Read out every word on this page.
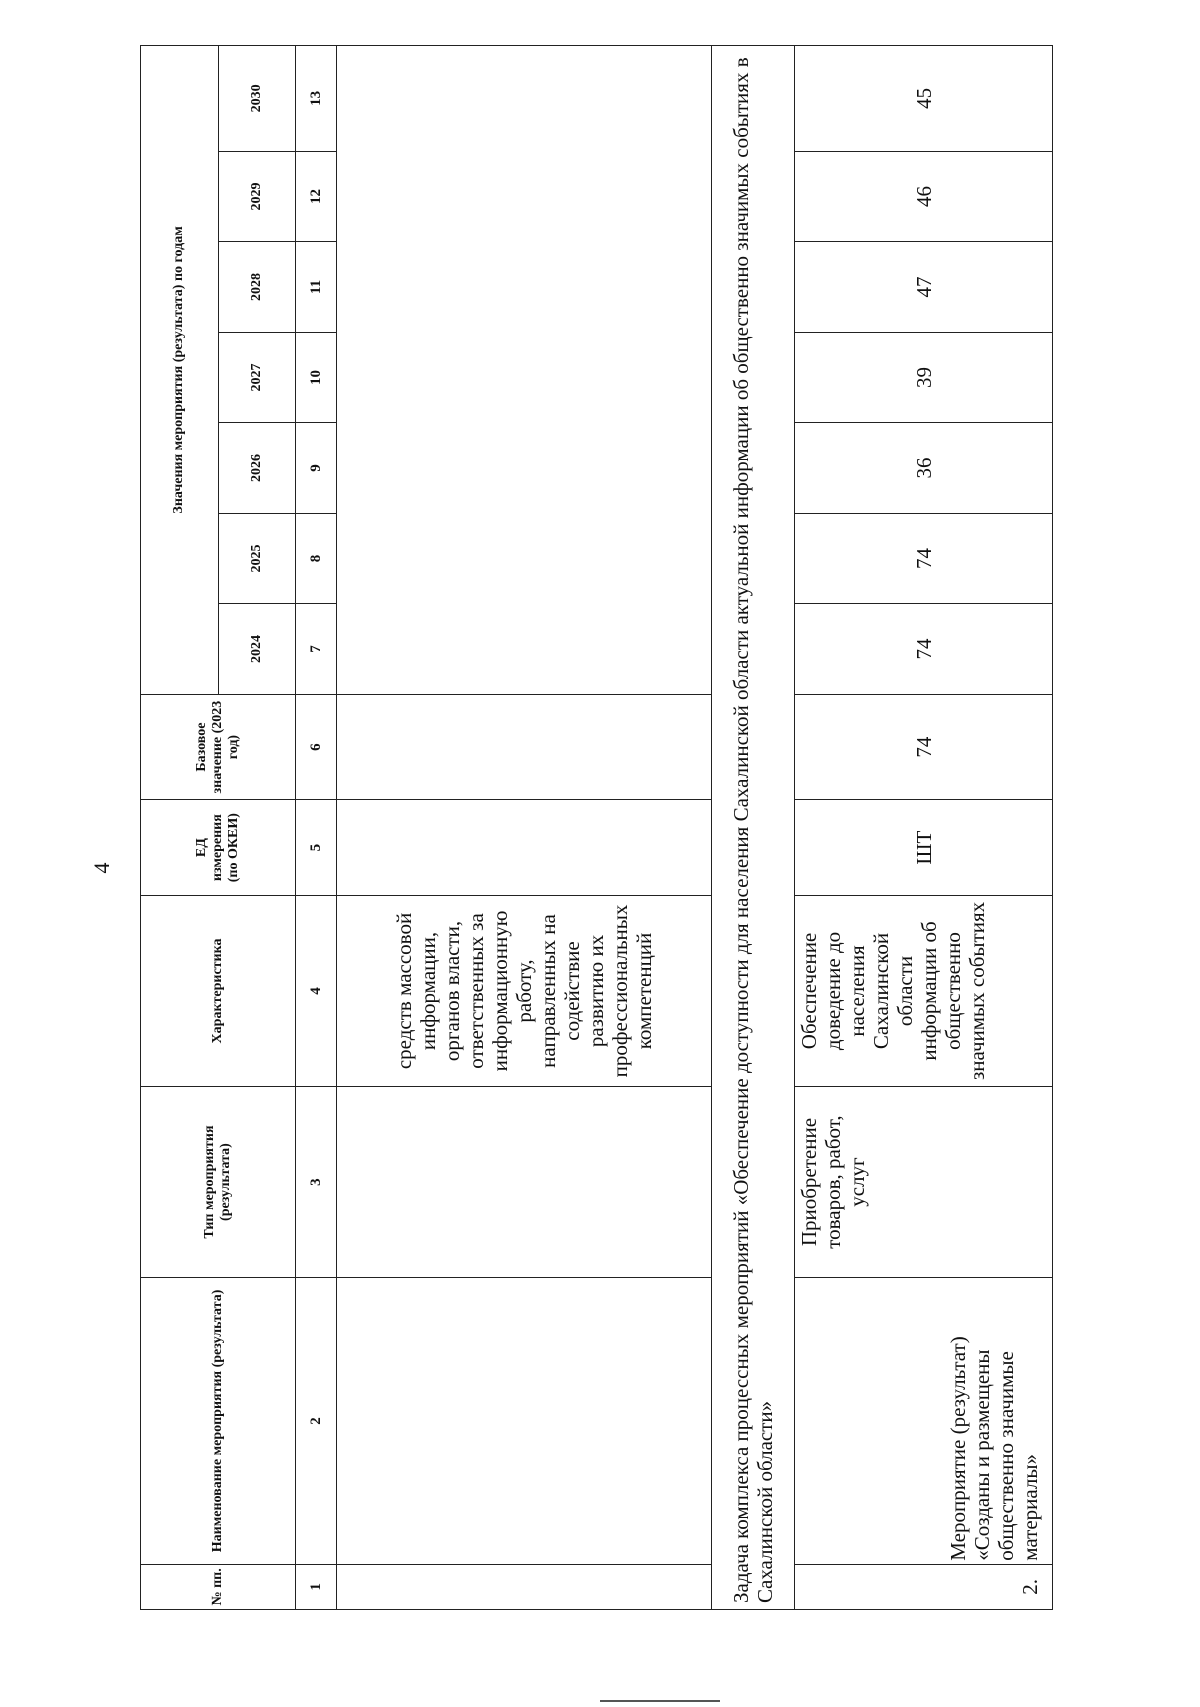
4
№ пп.	Наименование мероприятия (результата)	Тип мероприятия (результата)	Характеристика	ЕД измерения (по ОКЕИ)	Базовое значение (2023 год)	Значения мероприятия (результата) по годам						
						2024	2025	2026	2027	2028	2029	2030
1	2	3	4	5	6	7	8	9	10	11	12	13
			средств массовой информации, органов власти, ответственных за информационную работу, направленных на содействие развитию их профессиональных компетенций									
Задача комплекса процессных мероприятий «Обеспечение доступности для населения Сахалинской области актуальной информации об общественно значимых событиях в Сахалинской области»												
2.	Мероприятие (результат) «Созданы и размещены общественно значимые материалы»	Приобретение товаров, работ, услуг	Обеспечение доведение до населения Сахалинской области информации об общественно значимых событиях	ШТ	74	74	74	36	39	47	46	45
